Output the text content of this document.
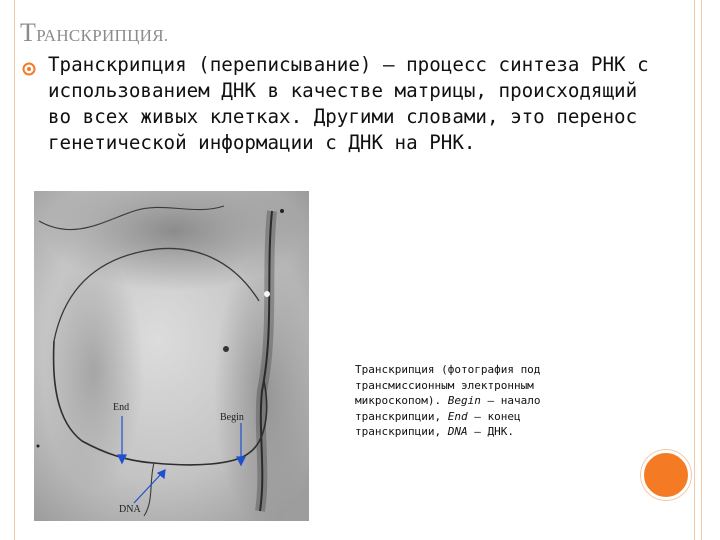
ТРАНСКРИПЦИЯ.
Транскрипция (переписывание) — процесс синтеза РНК с использованием ДНК в качестве матрицы, происходящий во всех живых клетках. Другими словами, это перенос генетической информации с ДНК на РНК.
End
Begin
DNA
Транскрипция (фотография под трансмиссионным электронным микроскопом). Begin — начало транскрипции, End — конец транскрипции, DNA — ДНК.
